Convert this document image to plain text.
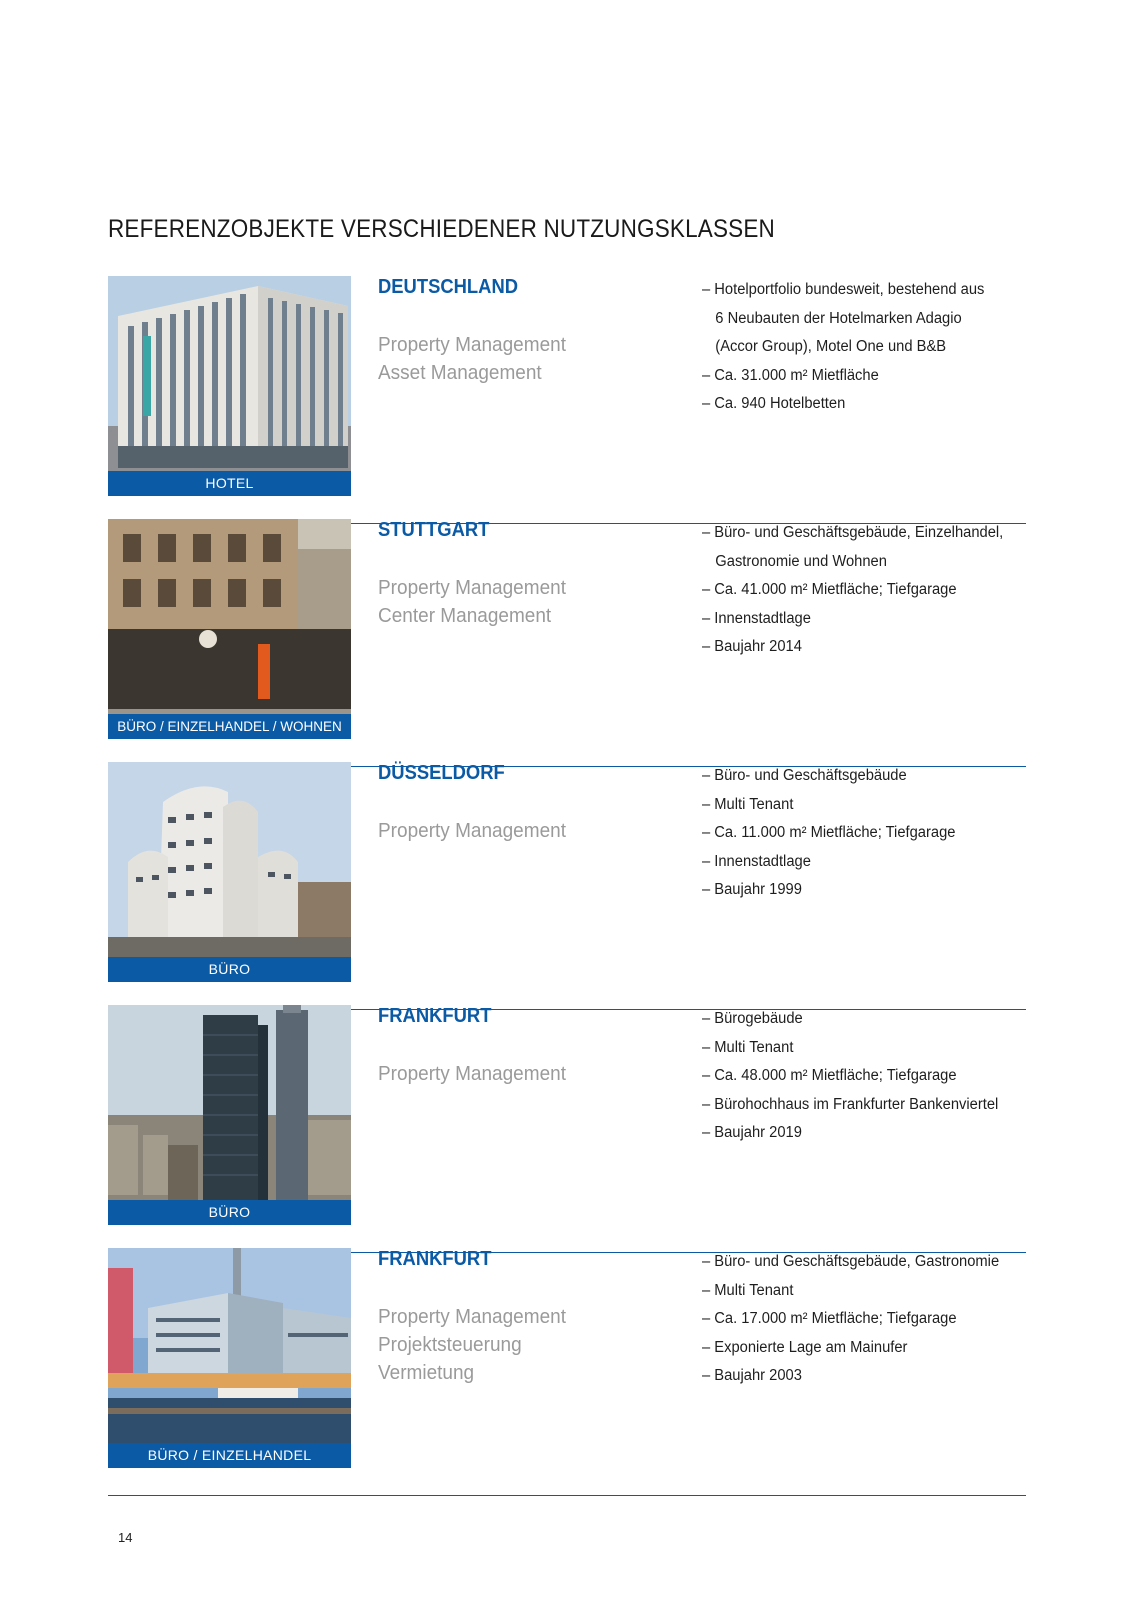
REFERENZOBJEKTE VERSCHIEDENER NUTZUNGSKLASSEN
HOTEL
DEUTSCHLAND
Property Management
Asset Management
– Hotelportfolio bundesweit, bestehend aus
6 Neubauten der Hotelmarken Adagio
(Accor Group), Motel One und B&B
– Ca. 31.000 m² Mietfläche
– Ca. 940 Hotelbetten
BÜRO / EINZELHANDEL / WOHNEN
STUTTGART
Property Management
Center Management
– Büro- und Geschäftsgebäude, Einzelhandel,
Gastronomie und Wohnen
– Ca. 41.000 m² Mietfläche; Tiefgarage
– Innenstadtlage
– Baujahr 2014
BÜRO
DÜSSELDORF
Property Management
– Büro- und Geschäftsgebäude
– Multi Tenant
– Ca. 11.000 m² Mietfläche; Tiefgarage
– Innenstadtlage
– Baujahr 1999
BÜRO
FRANKFURT
Property Management
– Bürogebäude
– Multi Tenant
– Ca. 48.000 m² Mietfläche; Tiefgarage
– Bürohochhaus im Frankfurter Bankenviertel
– Baujahr 2019
BÜRO / EINZELHANDEL
FRANKFURT
Property Management
Projektsteuerung
Vermietung
– Büro- und Geschäftsgebäude, Gastronomie
– Multi Tenant
– Ca. 17.000 m² Mietfläche; Tiefgarage
– Exponierte Lage am Mainufer
– Baujahr 2003
14
